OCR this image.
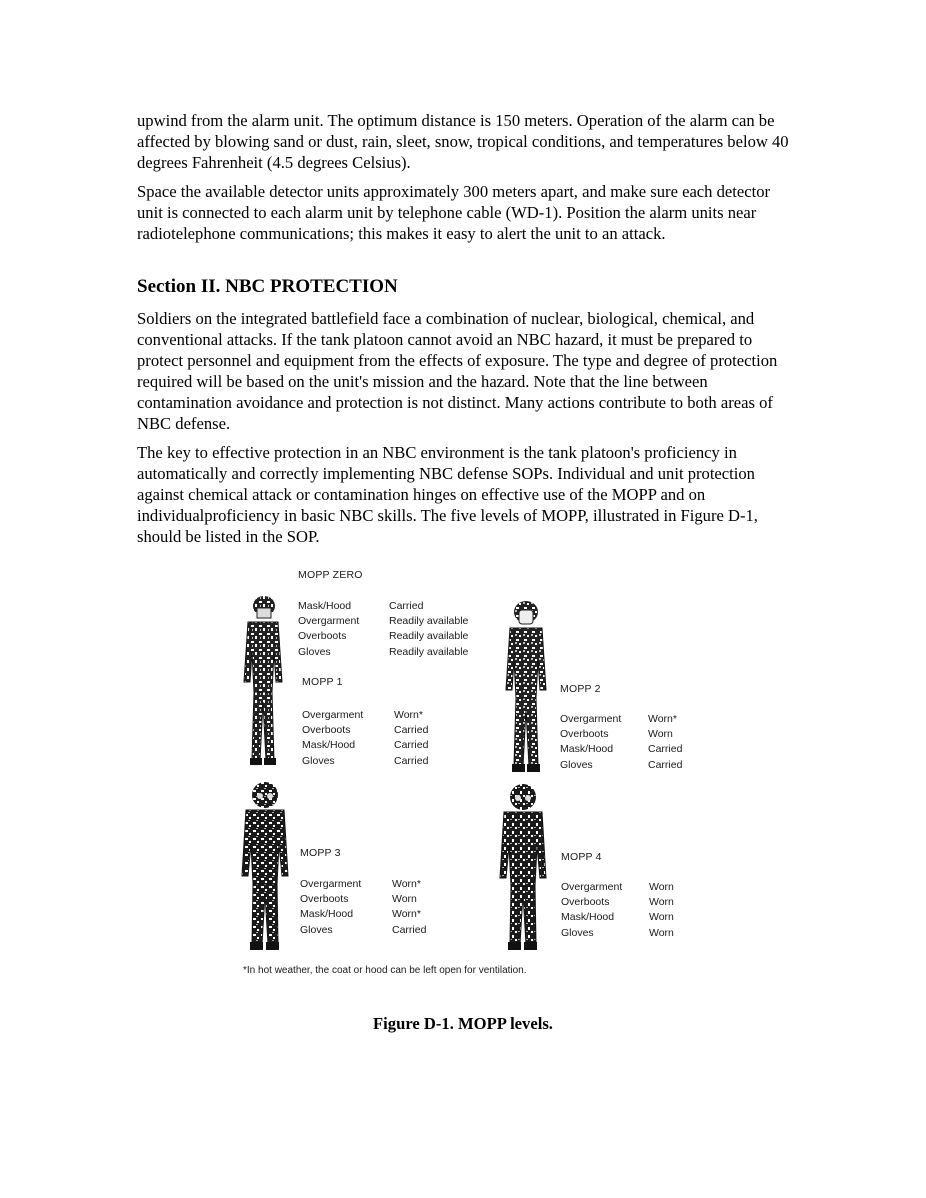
upwind from the alarm unit. The optimum distance is 150 meters. Operation of the alarm can be affected by blowing sand or dust, rain, sleet, snow, tropical conditions, and temperatures below 40 degrees Fahrenheit (4.5 degrees Celsius).

Space the available detector units approximately 300 meters apart, and make sure each detector unit is connected to each alarm unit by telephone cable (WD-1). Position the alarm units near radiotelephone communications; this makes it easy to alert the unit to an attack.

Section II. NBC PROTECTION

Soldiers on the integrated battlefield face a combination of nuclear, biological, chemical, and conventional attacks. If the tank platoon cannot avoid an NBC hazard, it must be prepared to protect personnel and equipment from the effects of exposure. The type and degree of protection required will be based on the unit's mission and the hazard. Note that the line between contamination avoidance and protection is not distinct. Many actions contribute to both areas of NBC defense.

The key to effective protection in an NBC environment is the tank platoon's proficiency in automatically and correctly implementing NBC defense SOPs. Individual and unit protection against chemical attack or contamination hinges on effective use of the MOPP and on individualproficiency in basic NBC skills. The five levels of MOPP, illustrated in Figure D-1, should be listed in the SOP.

MOPP ZERO
Mask/Hood
Overgarment
Overboots
Gloves
Carried
Readily available
Readily available
Readily available
MOPP 1
Overgarment
Overboots
Mask/Hood
Gloves
Worn*
Carried
Carried
Carried
MOPP 2
Overgarment
Overboots
Mask/Hood
Gloves
Worn*
Worn
Carried
Carried
MOPP 3
Overgarment
Overboots
Mask/Hood
Gloves
Worn*
Worn
Worn*
Carried
MOPP 4
Overgarment
Overboots
Mask/Hood
Gloves
Worn
Worn
Worn
Worn
*In hot weather, the coat or hood can be left open for ventilation.
Figure D-1. MOPP levels.
